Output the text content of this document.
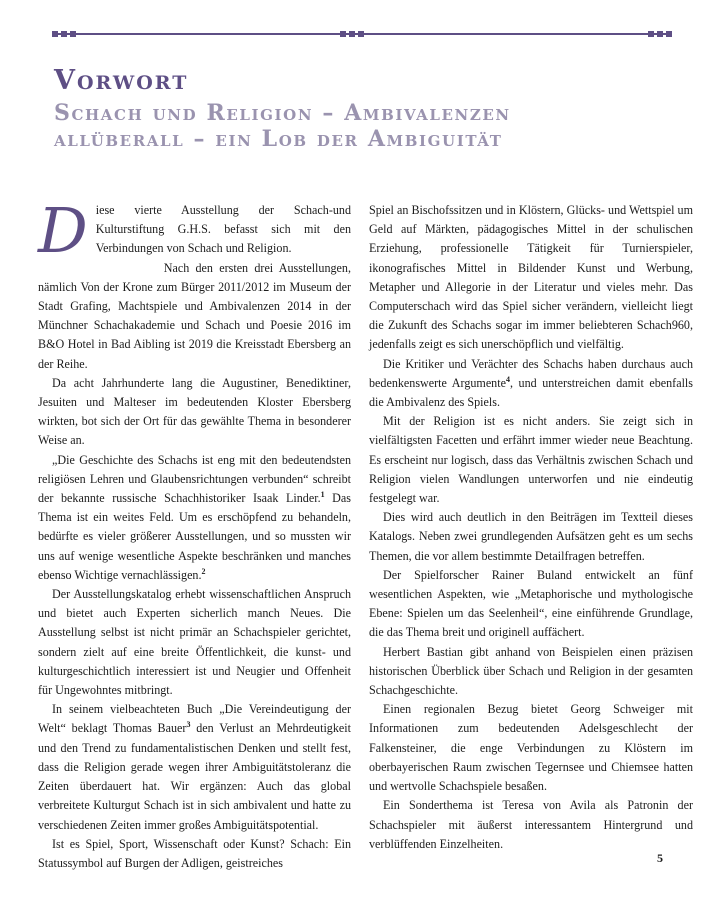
Vorwort
Schach und Religion – Ambivalenzen
allüberall – ein Lob der Ambiguität

Diese vierte Ausstellung der Schach-und Kulturstiftung G.H.S. befasst sich mit den Verbindungen von Schach und Religion.

Nach den ersten drei Ausstellungen, nämlich Von der Krone zum Bürger 2011/2012 im Museum der Stadt Grafing, Machtspiele und Ambivalenzen 2014 in der Münchner Schachakademie und Schach und Poesie 2016 im B&O Hotel in Bad Aibling ist 2019 die Kreisstadt Ebersberg an der Reihe.

Da acht Jahrhunderte lang die Augustiner, Benediktiner, Jesuiten und Malteser im bedeutenden Kloster Ebersberg wirkten, bot sich der Ort für das gewählte Thema in besonderer Weise an.

„Die Geschichte des Schachs ist eng mit den bedeutendsten religiösen Lehren und Glaubensrichtungen verbunden“ schreibt der bekannte russische Schachhistoriker Isaak Linder.$^1$ Das Thema ist ein weites Feld. Um es erschöpfend zu behandeln, bedürfte es vieler größerer Ausstellungen, und so mussten wir uns auf wenige wesentliche Aspekte beschränken und manches ebenso Wichtige vernachlässigen.$^2$

Der Ausstellungskatalog erhebt wissenschaftlichen Anspruch und bietet auch Experten sicherlich manch Neues. Die Ausstellung selbst ist nicht primär an Schachspieler gerichtet, sondern zielt auf eine breite Öffentlichkeit, die kunst- und kulturgeschichtlich interessiert ist und Neugier und Offenheit für Ungewohntes mitbringt.

In seinem vielbeachteten Buch „Die Vereindeutigung der Welt“ beklagt Thomas Bauer$^3$ den Verlust an Mehrdeutigkeit und den Trend zu fundamentalistischen Denken und stellt fest, dass die Religion gerade wegen ihrer Ambiguitätstoleranz die Zeiten überdauert hat. Wir ergänzen: Auch das global verbreitete Kulturgut Schach ist in sich ambivalent und hatte zu verschiedenen Zeiten immer großes Ambiguitätspotential.

Ist es Spiel, Sport, Wissenschaft oder Kunst? Schach: Ein Statussymbol auf Burgen der Adligen, geistreiches

Spiel an Bischofssitzen und in Klöstern, Glücks- und Wettspiel um Geld auf Märkten, pädagogisches Mittel in der schulischen Erziehung, professionelle Tätigkeit für Turnierspieler, ikonografisches Mittel in Bildender Kunst und Werbung, Metapher und Allegorie in der Literatur und vieles mehr. Das Computerschach wird das Spiel sicher verändern, vielleicht liegt die Zukunft des Schachs sogar im immer beliebteren Schach960, jedenfalls zeigt es sich unerschöpflich und vielfältig.

Die Kritiker und Verächter des Schachs haben durchaus auch bedenkenswerte Argumente$^4$, und unterstreichen damit ebenfalls die Ambivalenz des Spiels.

Mit der Religion ist es nicht anders. Sie zeigt sich in vielfältigsten Facetten und erfährt immer wieder neue Beachtung. Es erscheint nur logisch, dass das Verhältnis zwischen Schach und Religion vielen Wandlungen unterworfen und nie eindeutig festgelegt war.

Dies wird auch deutlich in den Beiträgen im Textteil dieses Katalogs. Neben zwei grundlegenden Aufsätzen geht es um sechs Themen, die vor allem bestimmte Detailfragen betreffen.

Der Spielforscher Rainer Buland entwickelt an fünf wesentlichen Aspekten, wie „Metaphorische und mythologische Ebene: Spielen um das Seelenheil“, eine einführende Grundlage, die das Thema breit und originell auffächert.

Herbert Bastian gibt anhand von Beispielen einen präzisen historischen Überblick über Schach und Religion in der gesamten Schachgeschichte.

Einen regionalen Bezug bietet Georg Schweiger mit Informationen zum bedeutenden Adelsgeschlecht der Falkensteiner, die enge Verbindungen zu Klöstern im oberbayerischen Raum zwischen Tegernsee und Chiemsee hatten und wertvolle Schachspiele besaßen.

Ein Sonderthema ist Teresa von Avila als Patronin der Schachspieler mit äußerst interessantem Hintergrund und verblüffenden Einzelheiten.

5
